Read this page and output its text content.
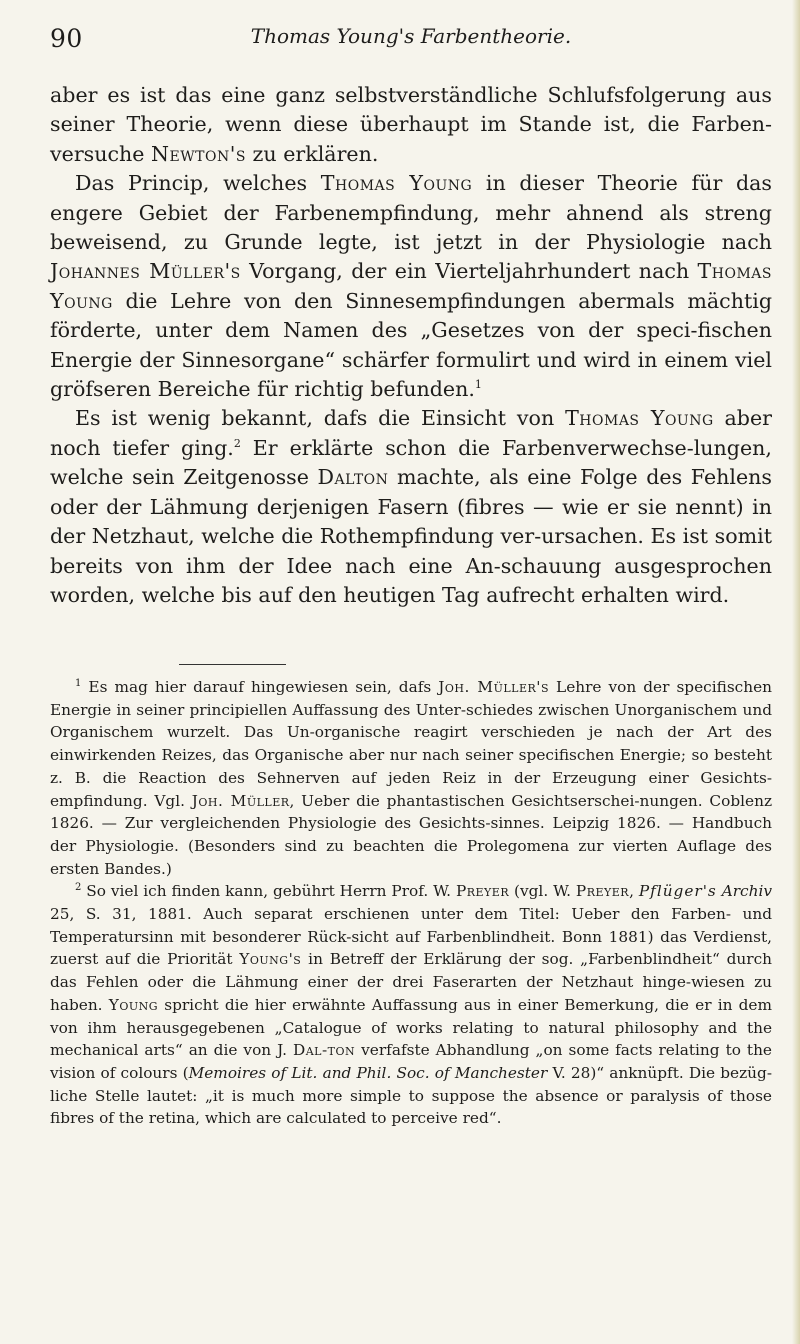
90	Thomas Young's Farbentheorie.

aber es ist das eine ganz selbstverständliche Schlufsfolgerung aus seiner Theorie, wenn diese überhaupt im Stande ist, die Farben-versuche Newton's zu erklären.

Das Princip, welches Thomas Young in dieser Theorie für das engere Gebiet der Farbenempfindung, mehr ahnend als streng beweisend, zu Grunde legte, ist jetzt in der Physiologie nach Johannes Müller's Vorgang, der ein Vierteljahrhundert nach Thomas Young die Lehre von den Sinnesempfindungen abermals mächtig förderte, unter dem Namen des „Gesetzes von der speci-fischen Energie der Sinnesorgane“ schärfer formulirt und wird in einem viel gröfseren Bereiche für richtig befunden.$^1$

Es ist wenig bekannt, dafs die Einsicht von Thomas Young aber noch tiefer ging.$^2$ Er erklärte schon die Farbenverwechse-lungen, welche sein Zeitgenosse Dalton machte, als eine Folge des Fehlens oder der Lähmung derjenigen Fasern (fibres — wie er sie nennt) in der Netzhaut, welche die Rothempfindung ver-ursachen. Es ist somit bereits von ihm der Idee nach eine An-schauung ausgesprochen worden, welche bis auf den heutigen Tag aufrecht erhalten wird.

$^1$ Es mag hier darauf hingewiesen sein, dafs Joh. Müller's Lehre von der specifischen Energie in seiner principiellen Auffassung des Unter-schiedes zwischen Unorganischem und Organischem wurzelt. Das Un-organische reagirt verschieden je nach der Art des einwirkenden Reizes, das Organische aber nur nach seiner specifischen Energie; so besteht z. B. die Reaction des Sehnerven auf jeden Reiz in der Erzeugung einer Gesichts-empfindung. Vgl. Joh. Müller, Ueber die phantastischen Gesichtserschei-nungen. Coblenz 1826. — Zur vergleichenden Physiologie des Gesichts-sinnes. Leipzig 1826. — Handbuch der Physiologie. (Besonders sind zu beachten die Prolegomena zur vierten Auflage des ersten Bandes.)

$^2$ So viel ich finden kann, gebührt Herrn Prof. W. Preyer (vgl. W. Preyer, Pflüger's Archiv 25, S. 31, 1881. Auch separat erschienen unter dem Titel: Ueber den Farben- und Temperatursinn mit besonderer Rück-sicht auf Farbenblindheit. Bonn 1881) das Verdienst, zuerst auf die Priorität Young's in Betreff der Erklärung der sog. „Farbenblindheit“ durch das Fehlen oder die Lähmung einer der drei Faserarten der Netzhaut hinge-wiesen zu haben. Young spricht die hier erwähnte Auffassung aus in einer Bemerkung, die er in dem von ihm herausgegebenen „Catalogue of works relating to natural philosophy and the mechanical arts“ an die von J. Dal-ton verfafste Abhandlung „on some facts relating to the vision of colours (Memoires of Lit. and Phil. Soc. of Manchester V. 28)“ anknüpft. Die bezüg-liche Stelle lautet: „it is much more simple to suppose the absence or paralysis of those fibres of the retina, which are calculated to perceive red“.
